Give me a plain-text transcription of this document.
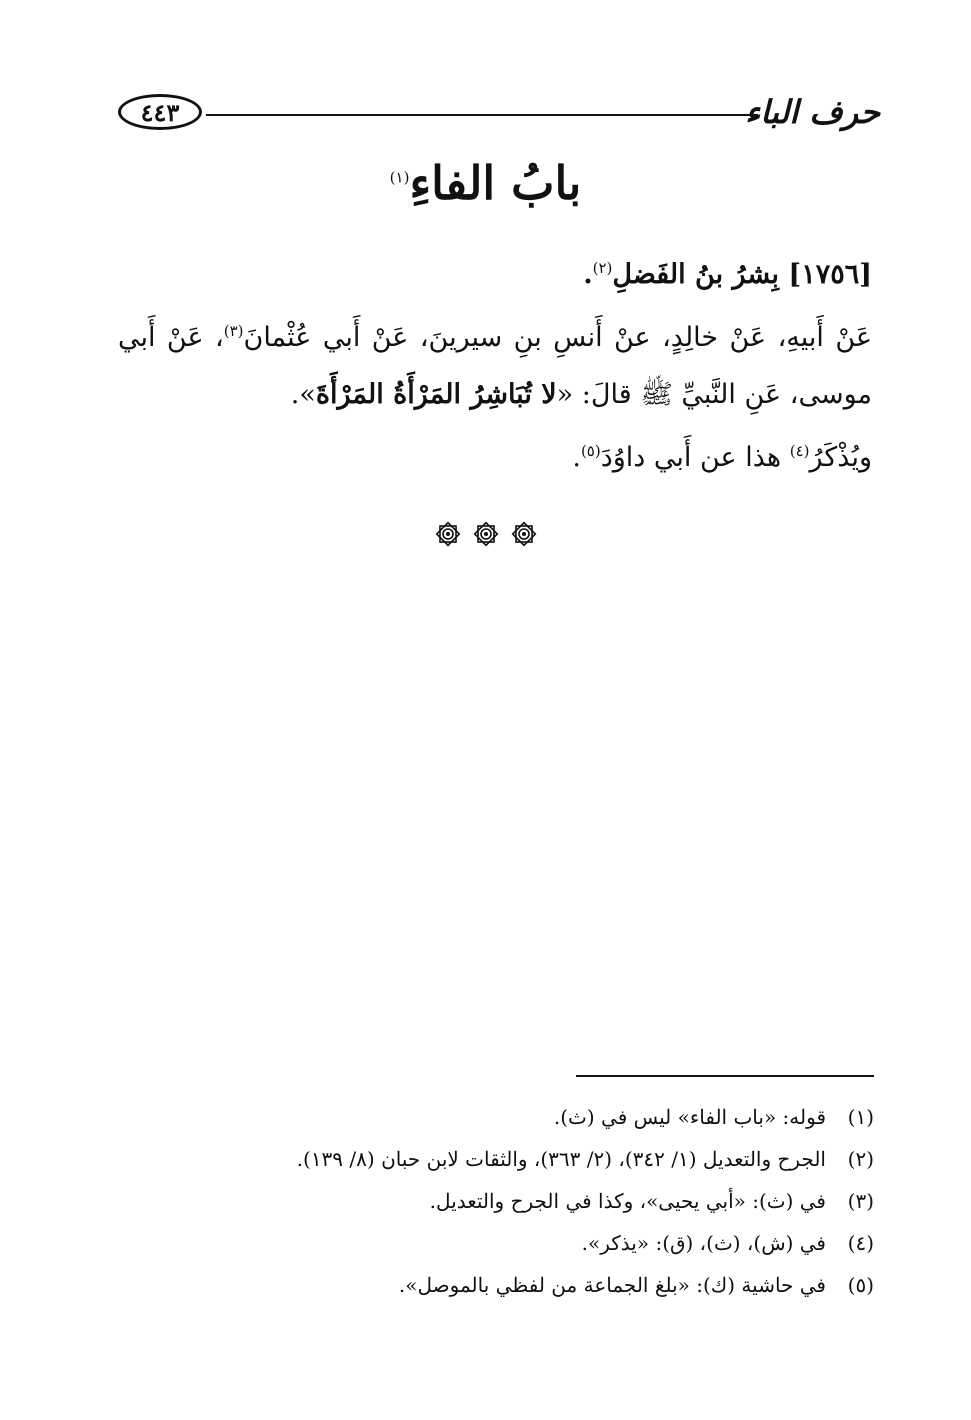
٤٤٣	حرف الباء
بابُ الفاءِ$^{(١)}$
[١٧٥٦] بِشرُ بنُ الفَضلِ$^{(٢)}$.
عَنْ أَبيهِ، عَنْ خالِدٍ، عنْ أَنسِ بنِ سيرينَ، عَنْ أَبي عُثْمانَ$^{(٣)}$، عَنْ أَبي موسى، عَنِ النَّبيِّ ﷺ قالَ: «لا تُبَاشِرُ المَرْأَةُ المَرْأَةَ».
ويُذْكَرُ$^{(٤)}$ هذا عن أَبي داوُدَ$^{(٥)}$.
(١)
قوله: «باب الفاء» ليس في (ث).
(٢)
الجرح والتعديل (١/ ٣٤٢)، (٢/ ٣٦٣)، والثقات لابن حبان (٨/ ١٣٩).
(٣)
في (ث): «أبي يحيى»، وكذا في الجرح والتعديل.
(٤)
في (ش)، (ث)، (ق): «يذكر».
(٥)
في حاشية (ك): «بلغ الجماعة من لفظي بالموصل».
